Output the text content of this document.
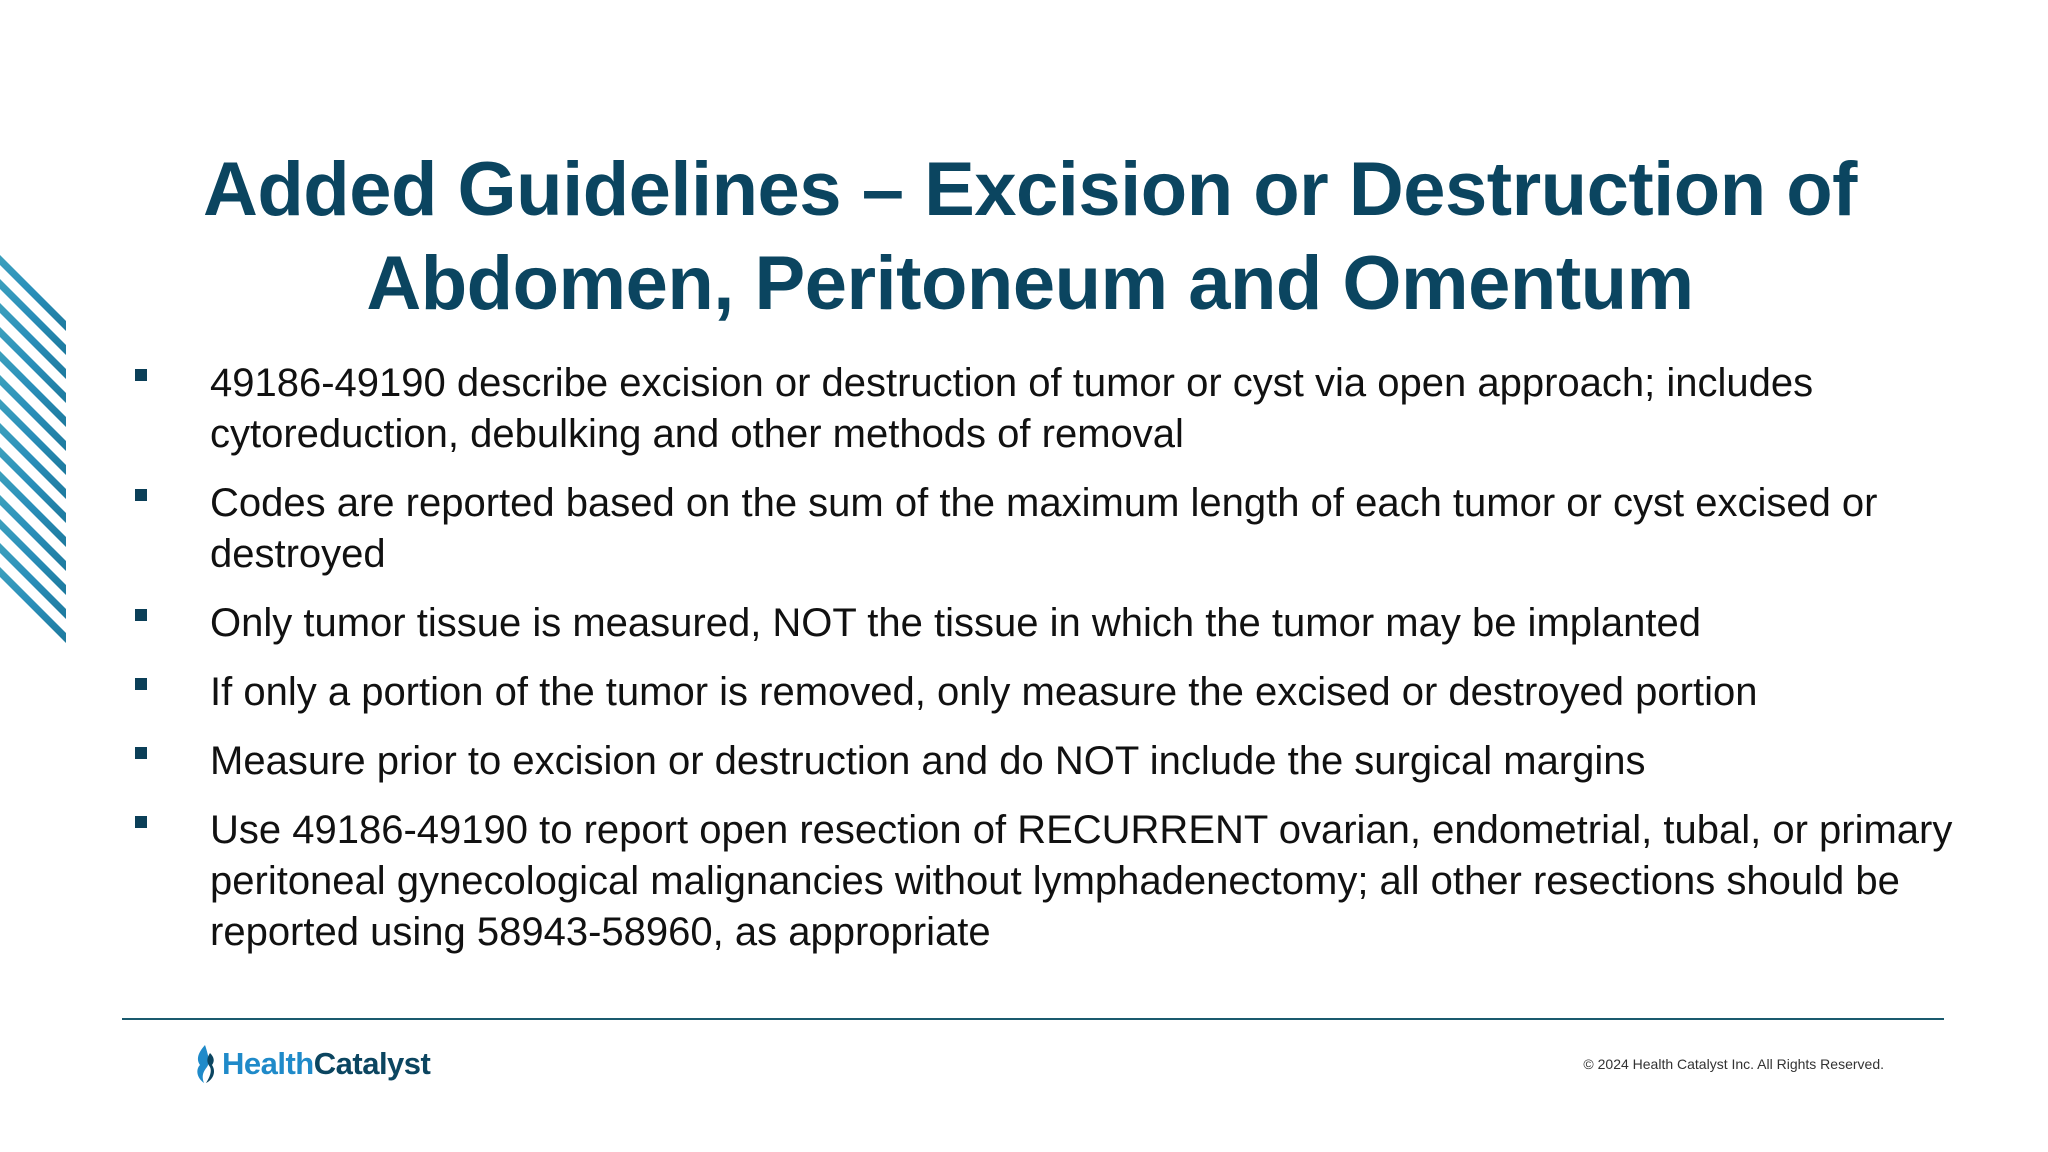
Added Guidelines – Excision or Destruction of
Abdomen, Peritoneum and Omentum
49186-49190 describe excision or destruction of tumor or cyst via open approach; includes cytoreduction, debulking and other methods of removal
Codes are reported based on the sum of the maximum length of each tumor or cyst excised or destroyed
Only tumor tissue is measured, NOT the tissue in which the tumor may be implanted
If only a portion of the tumor is removed, only measure the excised or destroyed portion
Measure prior to excision or destruction and do NOT include the surgical margins
Use 49186-49190 to report open resection of RECURRENT ovarian, endometrial, tubal, or primary peritoneal gynecological malignancies without lymphadenectomy; all other resections should be reported using 58943-58960, as appropriate
HealthCatalyst	© 2024 Health Catalyst Inc. All Rights Reserved.
